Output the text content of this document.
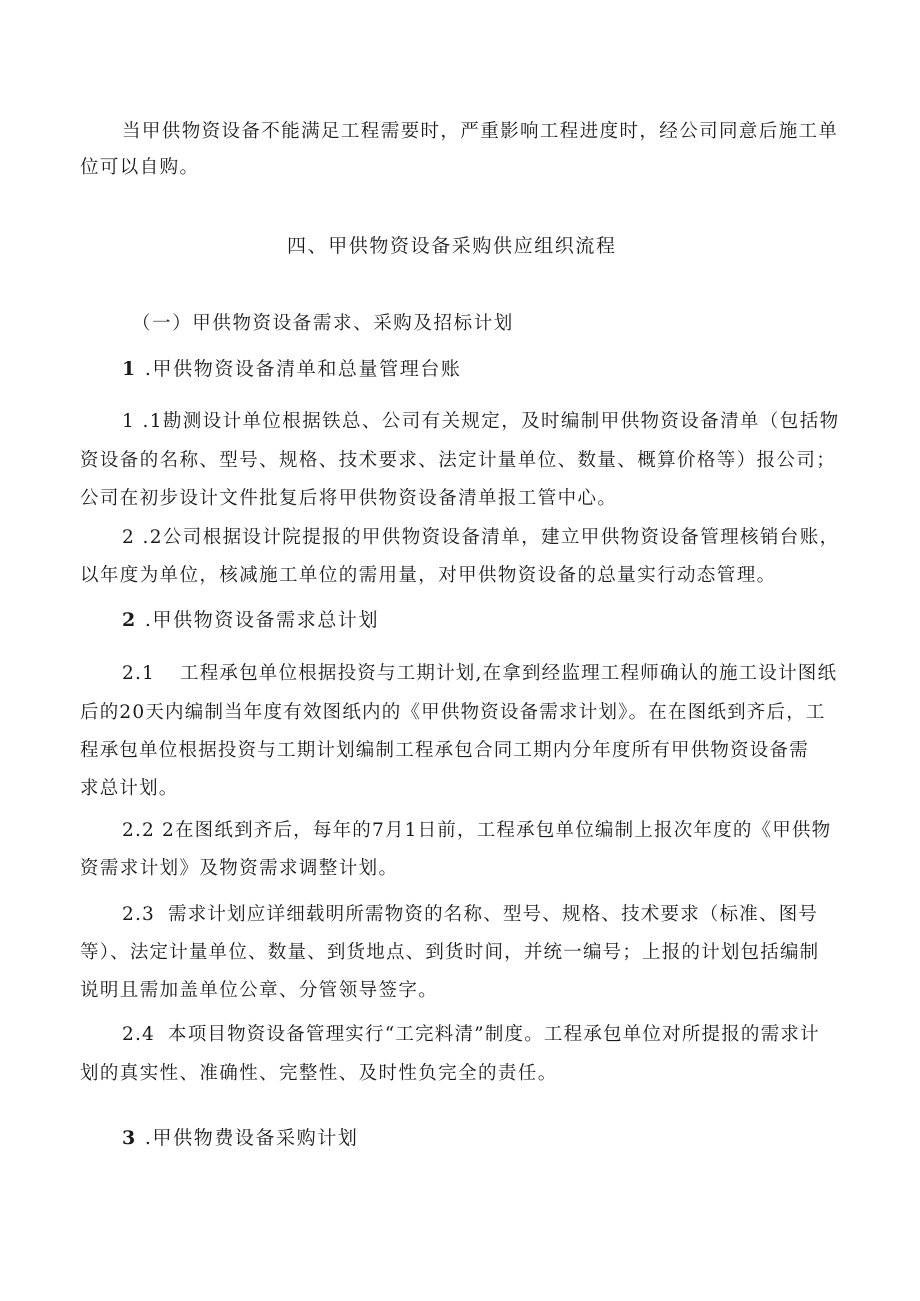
当甲供物资设备不能满足工程需要时，严重影响工程进度时，经公司同意后施工单
位可以自购。
四、甲供物资设备采购供应组织流程
（一）甲供物资设备需求、采购及招标计划
1 .甲供物资设备清单和总量管理台账
1 .1勘测设计单位根据铁总、公司有关规定，及时编制甲供物资设备清单（包括物
资设备的名称、型号、规格、技术要求、法定计量单位、数量、概算价格等）报公司；
公司在初步设计文件批复后将甲供物资设备清单报工管中心。
2 .2公司根据设计院提报的甲供物资设备清单，建立甲供物资设备管理核销台账，
以年度为单位，核减施工单位的需用量，对甲供物资设备的总量实行动态管理。
2 .甲供物资设备需求总计划
2.1 工程承包单位根据投资与工期计划,在拿到经监理工程师确认的施工设计图纸
后的20天内编制当年度有效图纸内的《甲供物资设备需求计划》。在在图纸到齐后，工
程承包单位根据投资与工期计划编制工程承包合同工期内分年度所有甲供物资设备需
求总计划。
2.2 2在图纸到齐后，每年的7月1日前，工程承包单位编制上报次年度的《甲供物
资需求计划》及物资需求调整计划。
2.3 需求计划应详细载明所需物资的名称、型号、规格、技术要求（标准、图号
等）、法定计量单位、数量、到货地点、到货时间，并统一编号；上报的计划包括编制
说明且需加盖单位公章、分管领导签字。
2.4 本项目物资设备管理实行“工完料清”制度。工程承包单位对所提报的需求计
划的真实性、准确性、完整性、及时性负完全的责任。
3 .甲供物费设备采购计划
